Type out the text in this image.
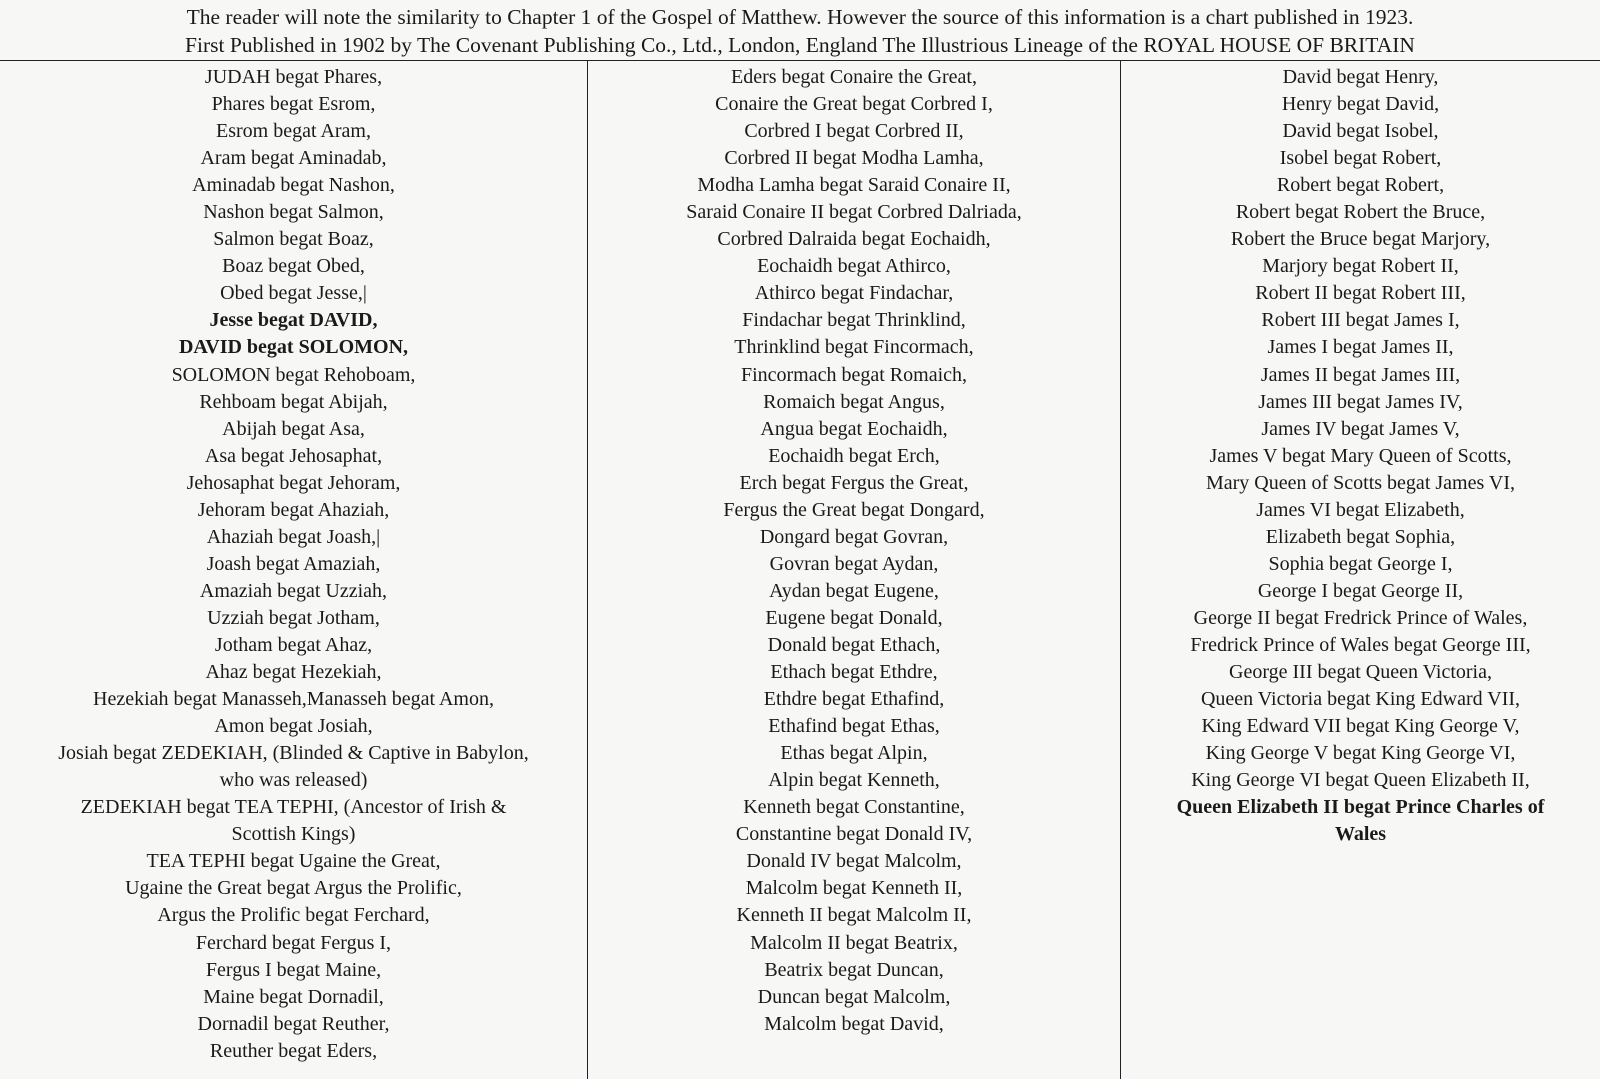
The reader will note the similarity to Chapter 1 of the Gospel of Matthew. However the source of this information is a chart published in 1923.
First Published in 1902 by The Covenant Publishing Co., Ltd., London, England The Illustrious Lineage of the ROYAL HOUSE OF BRITAIN

JUDAH begat Phares,

Phares begat Esrom,

Esrom begat Aram,

Aram begat Aminadab,

Aminadab begat Nashon,

Nashon begat Salmon,

Salmon begat Boaz,

Boaz begat Obed,

Obed begat Jesse,|

Jesse begat DAVID,

DAVID begat SOLOMON,

SOLOMON begat Rehoboam,

Rehboam begat Abijah,

Abijah begat Asa,

Asa begat Jehosaphat,

Jehosaphat begat Jehoram,

Jehoram begat Ahaziah,

Ahaziah begat Joash,|

Joash begat Amaziah,

Amaziah begat Uzziah,

Uzziah begat Jotham,

Jotham begat Ahaz,

Ahaz begat Hezekiah,

Hezekiah begat Manasseh,Manasseh begat Amon,

Amon begat Josiah,

Josiah begat ZEDEKIAH, (Blinded & Captive in Babylon,

who was released)

ZEDEKIAH begat TEA TEPHI, (Ancestor of Irish &

Scottish Kings)

TEA TEPHI begat Ugaine the Great,

Ugaine the Great begat Argus the Prolific,

Argus the Prolific begat Ferchard,

Ferchard begat Fergus I,

Fergus I begat Maine,

Maine begat Dornadil,

Dornadil begat Reuther,

Reuther begat Eders,

Eders begat Conaire the Great,

Conaire the Great begat Corbred I,

Corbred I begat Corbred II,

Corbred II begat Modha Lamha,

Modha Lamha begat Saraid Conaire II,

Saraid Conaire II begat Corbred Dalriada,

Corbred Dalraida begat Eochaidh,

Eochaidh begat Athirco,

Athirco begat Findachar,

Findachar begat Thrinklind,

Thrinklind begat Fincormach,

Fincormach begat Romaich,

Romaich begat Angus,

Angua begat Eochaidh,

Eochaidh begat Erch,

Erch begat Fergus the Great,

Fergus the Great begat Dongard,

Dongard begat Govran,

Govran begat Aydan,

Aydan begat Eugene,

Eugene begat Donald,

Donald begat Ethach,

Ethach begat Ethdre,

Ethdre begat Ethafind,

Ethafind begat Ethas,

Ethas begat Alpin,

Alpin begat Kenneth,

Kenneth begat Constantine,

Constantine begat Donald IV,

Donald IV begat Malcolm,

Malcolm begat Kenneth II,

Kenneth II begat Malcolm II,

Malcolm II begat Beatrix,

Beatrix begat Duncan,

Duncan begat Malcolm,

Malcolm begat David,

David begat Henry,

Henry begat David,

David begat Isobel,

Isobel begat Robert,

Robert begat Robert,

Robert begat Robert the Bruce,

Robert the Bruce begat Marjory,

Marjory begat Robert II,

Robert II begat Robert III,

Robert III begat James I,

James I begat James II,

James II begat James III,

James III begat James IV,

James IV begat James V,

James V begat Mary Queen of Scotts,

Mary Queen of Scotts begat James VI,

James VI begat Elizabeth,

Elizabeth begat Sophia,

Sophia begat George I,

George I begat George II,

George II begat Fredrick Prince of Wales,

Fredrick Prince of Wales begat George III,

George III begat Queen Victoria,

Queen Victoria begat King Edward VII,

King Edward VII begat King George V,

King George V begat King George VI,

King George VI begat Queen Elizabeth II,

Queen Elizabeth II begat Prince Charles of

Wales
